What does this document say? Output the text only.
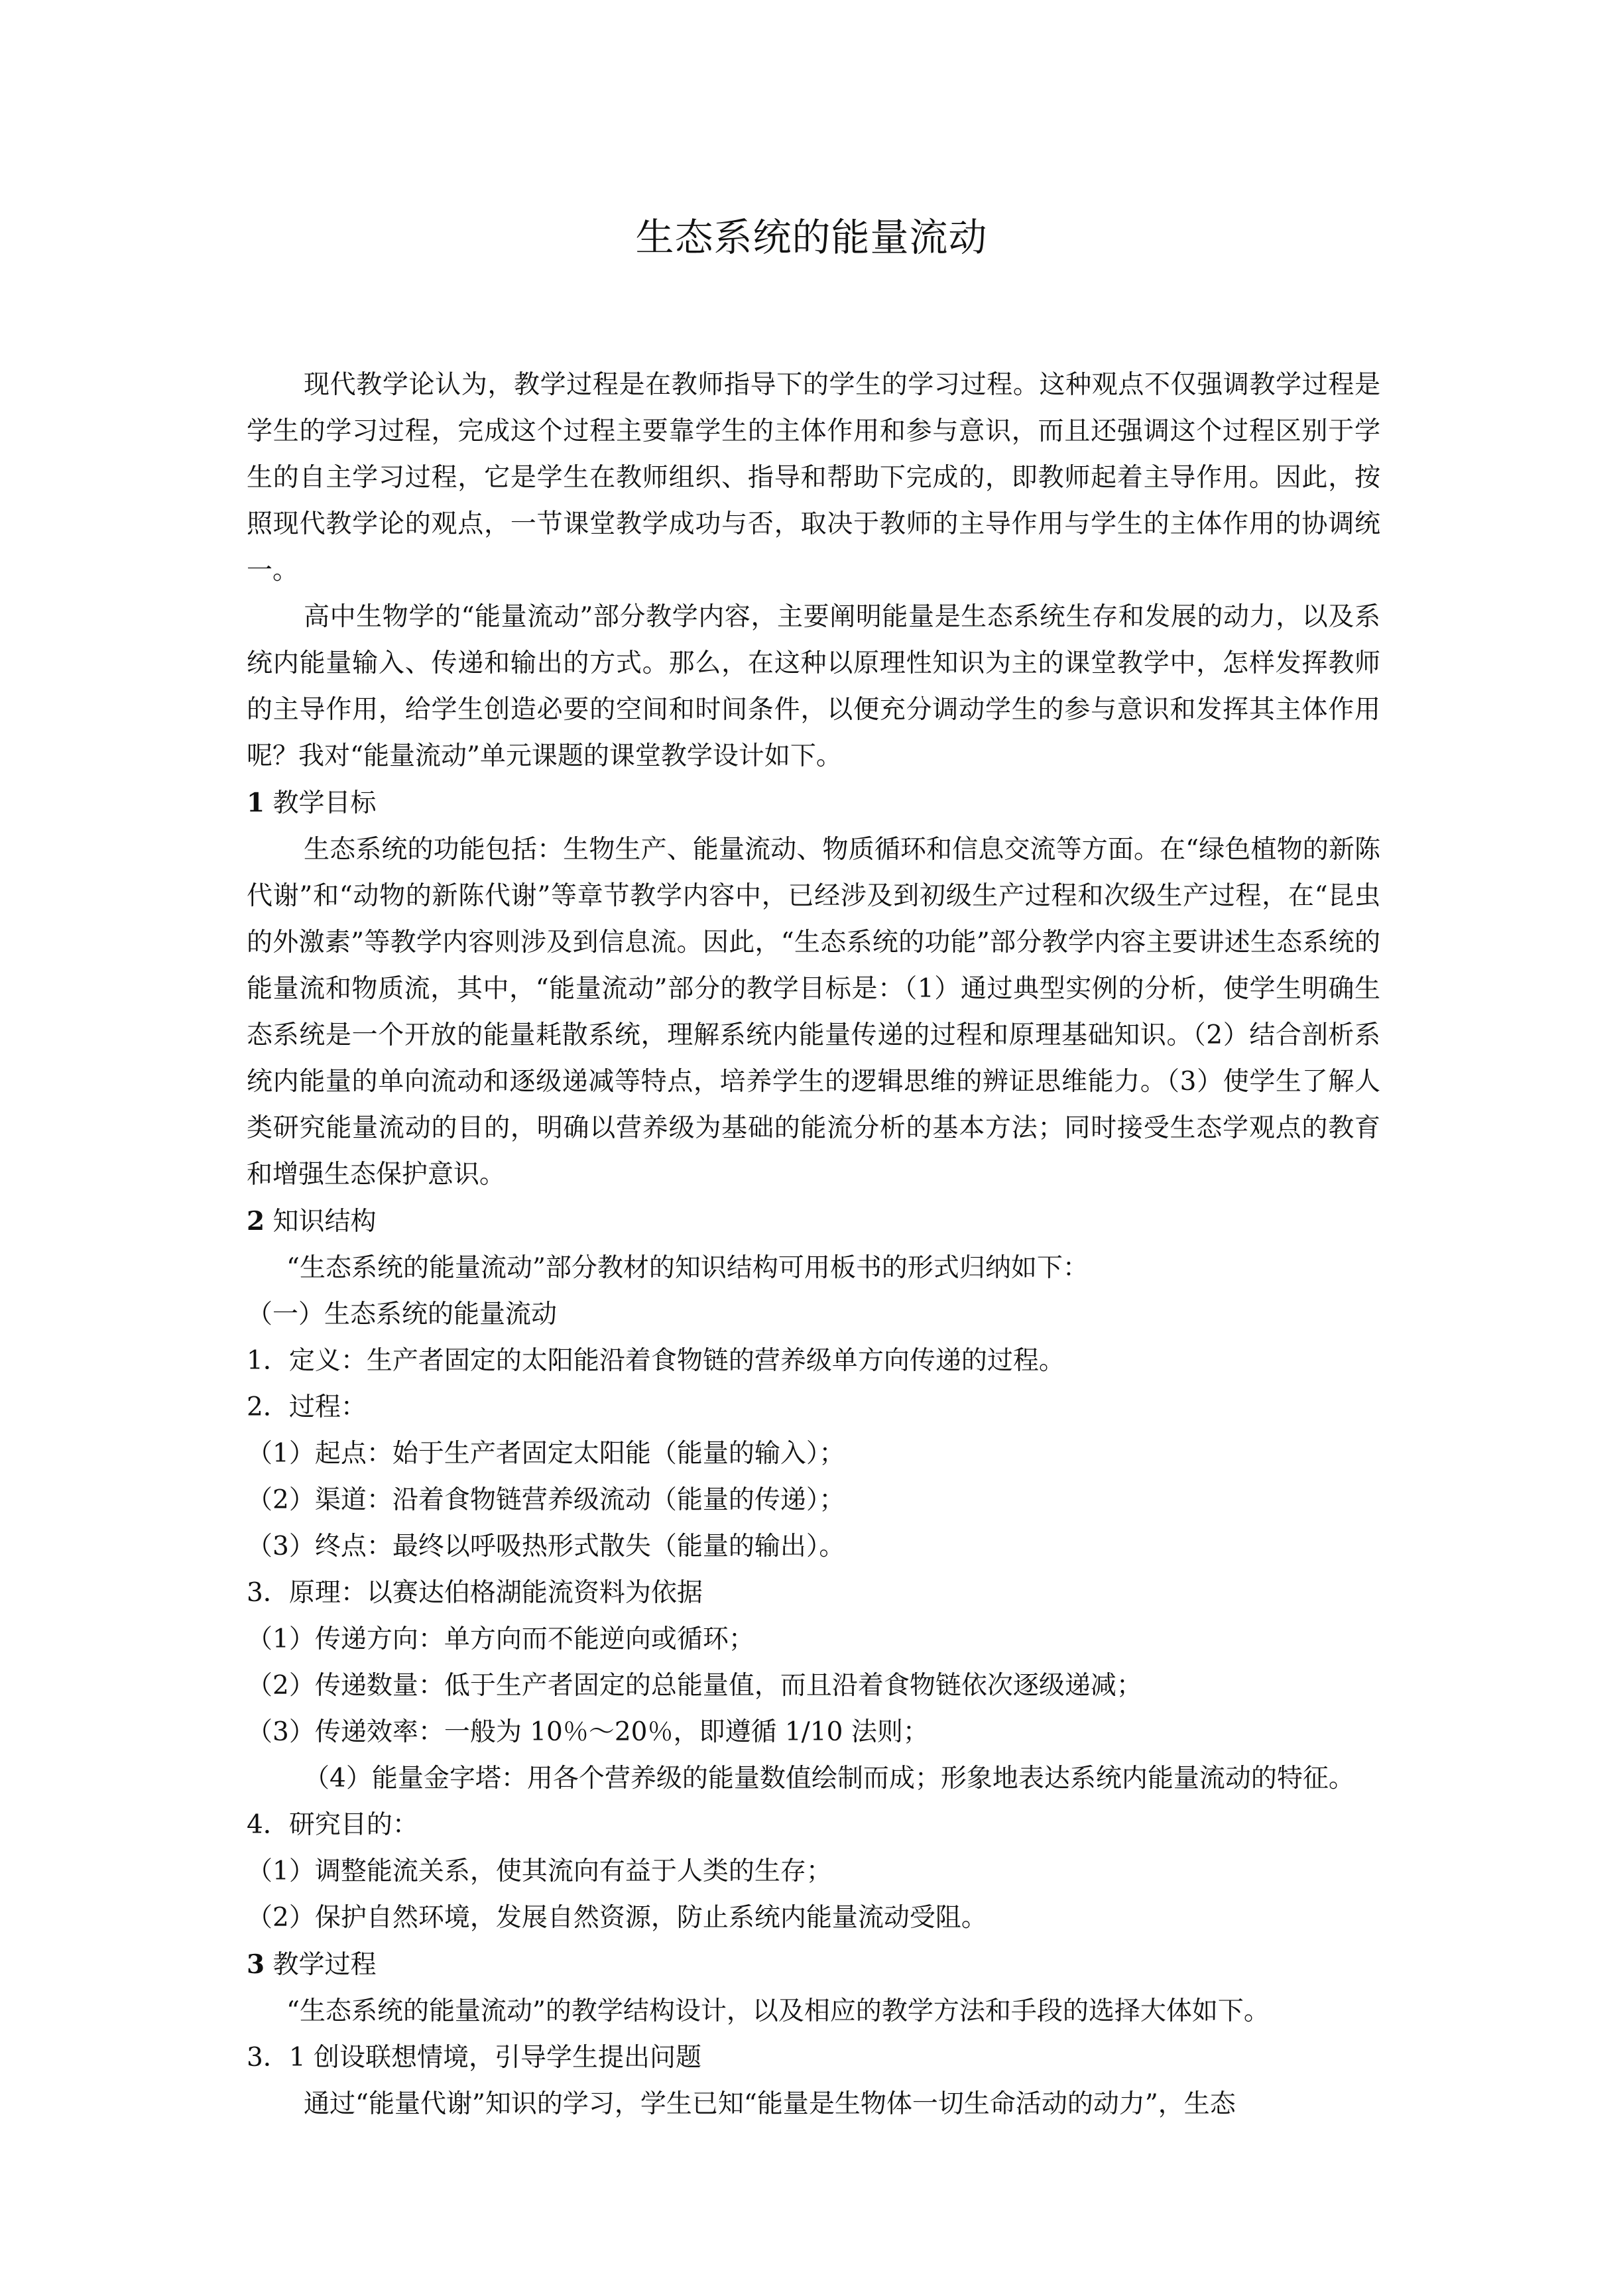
生态系统的能量流动

现代教学论认为，教学过程是在教师指导下的学生的学习过程。这种观点不仅强调教学过程是学生的学习过程，完成这个过程主要靠学生的主体作用和参与意识，而且还强调这个过程区别于学生的自主学习过程，它是学生在教师组织、指导和帮助下完成的，即教师起着主导作用。因此，按照现代教学论的观点，一节课堂教学成功与否，取决于教师的主导作用与学生的主体作用的协调统一。

高中生物学的“能量流动”部分教学内容，主要阐明能量是生态系统生存和发展的动力，以及系统内能量输入、传递和输出的方式。那么，在这种以原理性知识为主的课堂教学中，怎样发挥教师的主导作用，给学生创造必要的空间和时间条件，以便充分调动学生的参与意识和发挥其主体作用呢？我对“能量流动”单元课题的课堂教学设计如下。

1 教学目标

生态系统的功能包括：生物生产、能量流动、物质循环和信息交流等方面。在“绿色植物的新陈代谢”和“动物的新陈代谢”等章节教学内容中，已经涉及到初级生产过程和次级生产过程，在“昆虫的外激素”等教学内容则涉及到信息流。因此，“生态系统的功能”部分教学内容主要讲述生态系统的能量流和物质流，其中，“能量流动”部分的教学目标是：（1）通过典型实例的分析，使学生明确生态系统是一个开放的能量耗散系统，理解系统内能量传递的过程和原理基础知识。（2）结合剖析系统内能量的单向流动和逐级递减等特点，培养学生的逻辑思维的辨证思维能力。（3）使学生了解人类研究能量流动的目的，明确以营养级为基础的能流分析的基本方法；同时接受生态学观点的教育和增强生态保护意识。

2 知识结构

“生态系统的能量流动”部分教材的知识结构可用板书的形式归纳如下：

（一）生态系统的能量流动

1．定义：生产者固定的太阳能沿着食物链的营养级单方向传递的过程。

2．过程：

（1）起点：始于生产者固定太阳能（能量的输入）；

（2）渠道：沿着食物链营养级流动（能量的传递）；

（3）终点：最终以呼吸热形式散失（能量的输出）。

3．原理：以赛达伯格湖能流资料为依据

（1）传递方向：单方向而不能逆向或循环；

（2）传递数量：低于生产者固定的总能量值，而且沿着食物链依次逐级递减；

（3）传递效率：一般为 10％～20％，即遵循 1/10 法则；

（4）能量金字塔：用各个营养级的能量数值绘制而成；形象地表达系统内能量流动的特征。

4．研究目的：

（1）调整能流关系，使其流向有益于人类的生存；

（2）保护自然环境，发展自然资源，防止系统内能量流动受阻。

3 教学过程

“生态系统的能量流动”的教学结构设计，以及相应的教学方法和手段的选择大体如下。

3．1 创设联想情境，引导学生提出问题

通过“能量代谢”知识的学习，学生已知“能量是生物体一切生命活动的动力”，生态
